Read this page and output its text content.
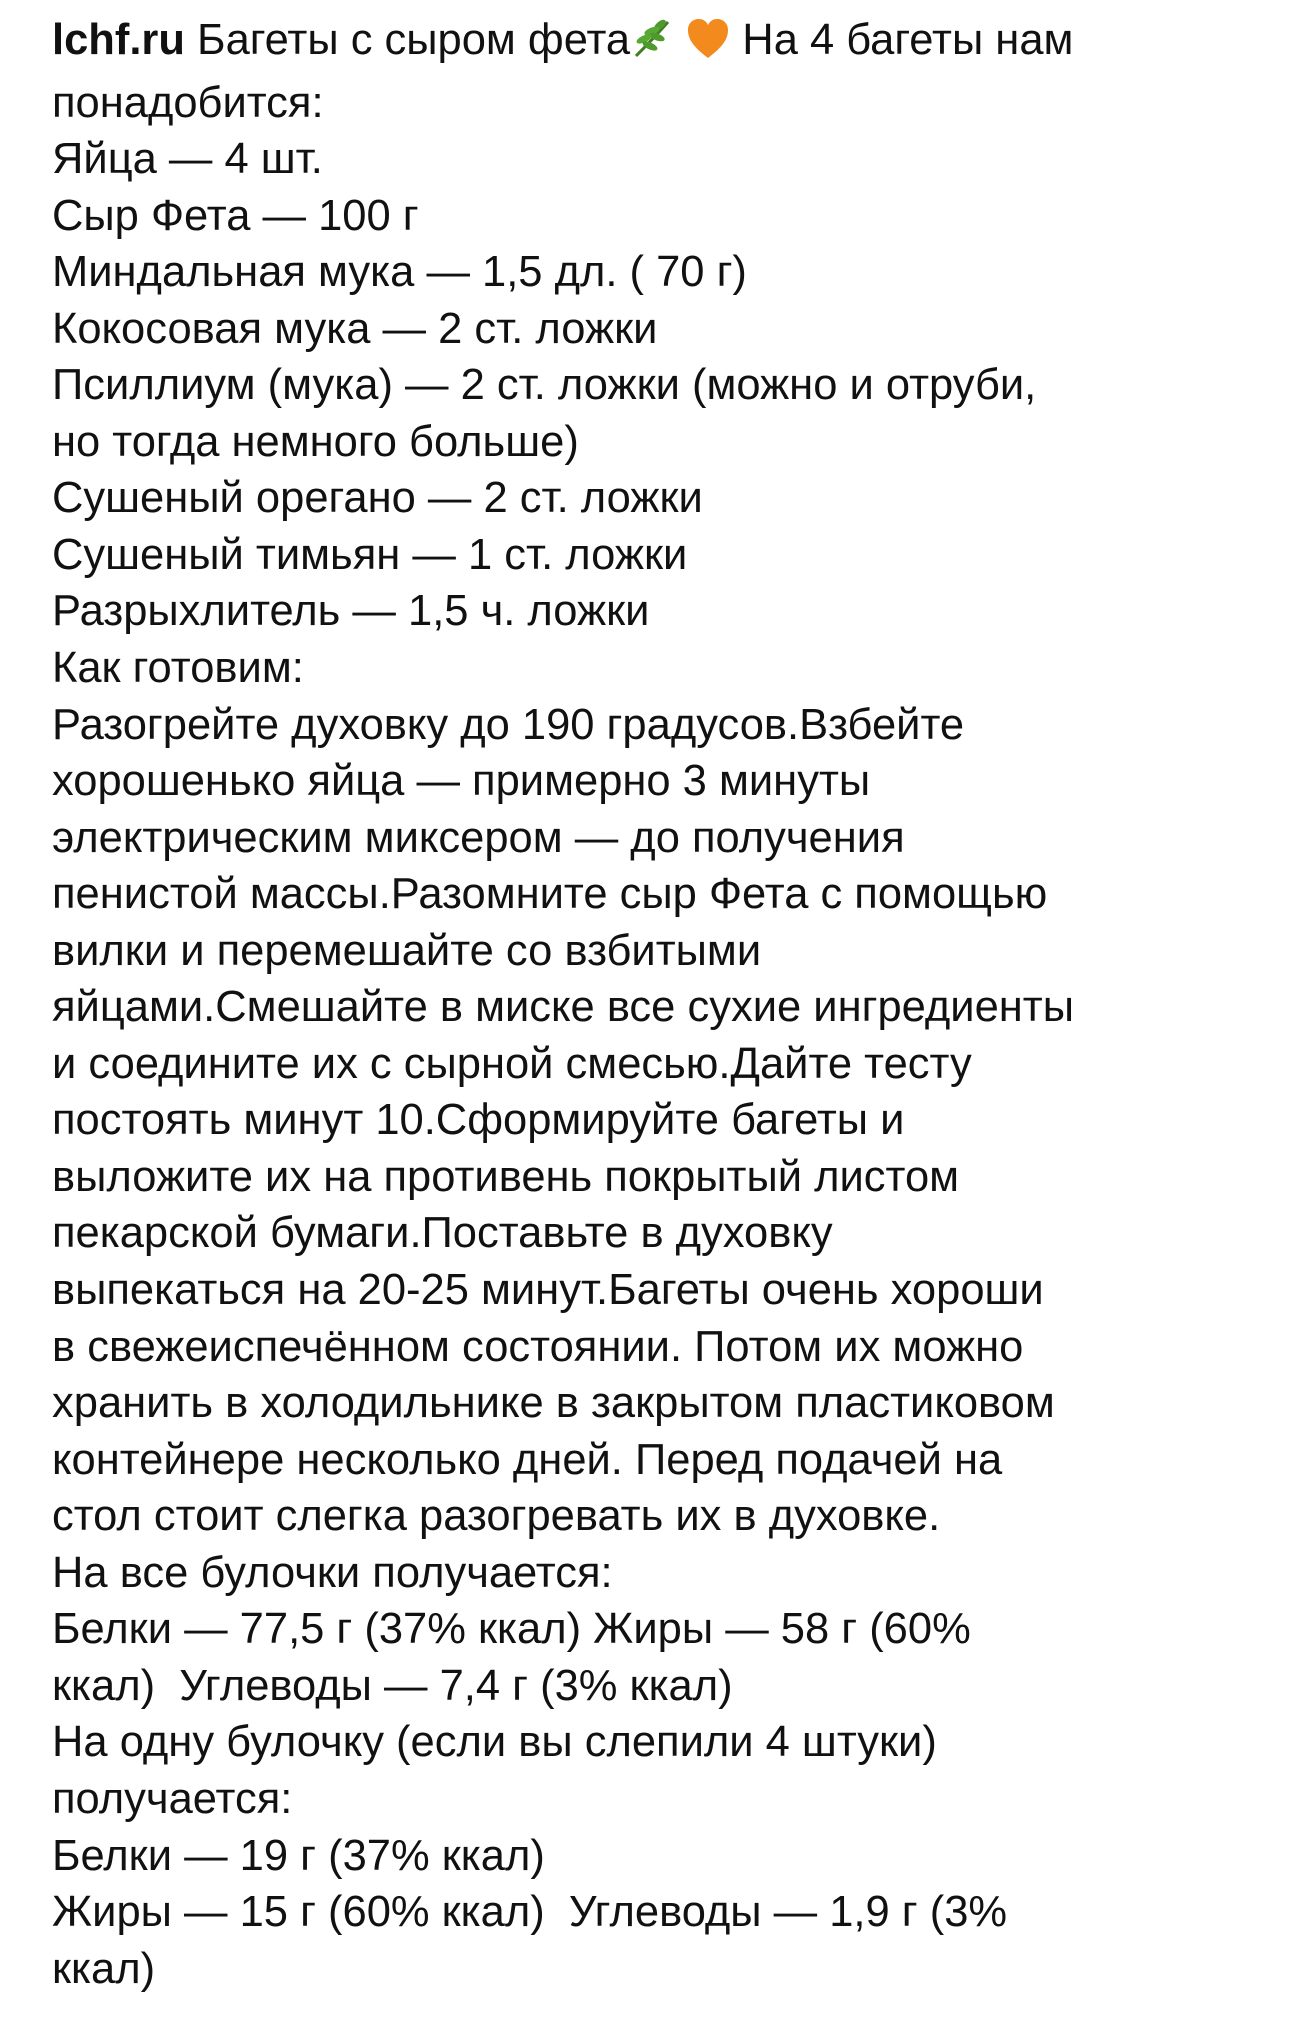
lchf.ru Багеты с сыром фета	На 4 багеты нам
понадобится:
Яйца — 4 шт.
Сыр Фета — 100 г
Миндальная мука — 1,5 дл. ( 70 г)
Кокосовая мука — 2 ст. ложки
Псиллиум (мука) — 2 ст. ложки (можно и отруби,
но тогда немного больше)
Сушеный орегано — 2 ст. ложки
Сушеный тимьян — 1 ст. ложки
Разрыхлитель — 1,5 ч. ложки
Как готовим:
Разогрейте духовку до 190 градусов.Взбейте
хорошенько яйца — примерно 3 минуты
электрическим миксером — до получения
пенистой массы.Разомните сыр Фета с помощью
вилки и перемешайте со взбитыми
яйцами.Смешайте в миске все сухие ингредиенты
и соедините их с сырной смесью.Дайте тесту
постоять минут 10.Сформируйте багеты и
выложите их на противень покрытый листом
пекарской бумаги.Поставьте в духовку
выпекаться на 20-25 минут.Багеты очень хороши
в свежеиспечённом состоянии. Потом их можно
хранить в холодильнике в закрытом пластиковом
контейнере несколько дней. Перед подачей на
стол стоит слегка разогревать их в духовке.
На все булочки получается:
Белки — 77,5 г (37% ккал) Жиры — 58 г (60%
ккал)  Углеводы — 7,4 г (3% ккал)
На одну булочку (если вы слепили 4 штуки)
получается:
Белки — 19 г (37% ккал)
Жиры — 15 г (60% ккал)  Углеводы — 1,9 г (3%
ккал)
